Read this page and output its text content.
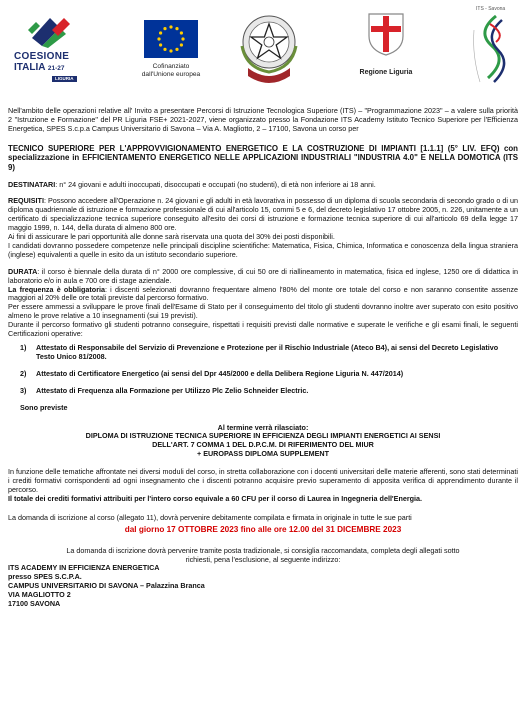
COESIONE
ITALIA 21-27
LIGURIA
Cofinanziato
dall'Unione europea	Regione Liguria
ITS - Savona

Nell'ambito delle operazioni relative all' Invito a presentare Percorsi di Istruzione Tecnologica Superiore (ITS) – "Programmazione 2023" – a valere sulla priorità 2 "Istruzione e Formazione" del PR Liguria FSE+ 2021-2027, viene organizzato presso la Fondazione ITS Academy Istituto Tecnico Superiore per l'Efficienza Energetica, SPES S.c.p.a Campus Universitario di Savona – Via A. Magliotto, 2 – 17100, Savona un corso per

TECNICO SUPERIORE PER L'APPROVVIGIONAMENTO ENERGETICO E LA COSTRUZIONE DI IMPIANTI [1.1.1] (5° LIV. EFQ) con specializzazione in EFFICIENTAMENTO ENERGETICO NELLE APPLICAZIONI INDUSTRIALI "INDUSTRIA 4.0" E NELLA DOMOTICA (ITS 9)

DESTINATARI: n° 24 giovani e adulti inoccupati, disoccupati e occupati (no studenti), di età non inferiore ai 18 anni.

REQUISITI: Possono accedere all'Operazione n. 24 giovani e gli adulti in età lavorativa in possesso di un diploma di scuola secondaria di secondo grado o di un diploma quadriennale di istruzione e formazione professionale di cui all'articolo 15, commi 5 e 6, del decreto legislativo 17 ottobre 2005, n. 226, unitamente a un certificato di specializzazione tecnica superiore conseguito all'esito dei corsi di istruzione e formazione tecnica superiore di cui all'articolo 69 della legge 17 maggio 1999, n. 144, della durata di almeno 800 ore.

Ai fini di assicurare le pari opportunità alle donne sarà riservata una quota del 30% dei posti disponibili.

I candidati dovranno possedere competenze nelle principali discipline scientifiche: Matematica, Fisica, Chimica, Informatica e conoscenza della lingua straniera (inglese) equivalenti a quelle in esito da un istituto secondario superiore.

DURATA: il corso è biennale della durata di n° 2000 ore complessive, di cui 50 ore di riallineamento in matematica, fisica ed inglese, 1250 ore di didattica in laboratorio e/o in aula e 700 ore di stage aziendale.

La frequenza è obbligatoria: i discenti selezionati dovranno frequentare almeno l'80% del monte ore totale del corso e non saranno consentite assenze maggiori al 20% delle ore totali previste dal percorso formativo.

Per essere ammessi a sviluppare le prove finali dell'Esame di Stato per il conseguimento del titolo gli studenti dovranno inoltre aver superato con esito positivo almeno le prove relative a 10 insegnamenti (sui 19 previsti).

Durante il percorso formativo gli studenti potranno conseguire, rispettati i requisiti previsti dalle normative e superate le verifiche e gli esami finali, le seguenti Certificazioni operative:

1)	Attestato di Responsabile del Servizio di Prevenzione e Protezione per il Rischio Industriale (Ateco B4), ai sensi del Decreto Legislativo Testo Unico 81/2008.
2)	Attestato di Certificatore Energetico (ai sensi del Dpr 445/2000 e della Delibera Regione Liguria N. 447/2014)
3)	Attestato di Frequenza alla Formazione per Utilizzo Plc Zelio Schneider Electric.

Sono previste

Al termine verrà rilasciato:

DIPLOMA DI ISTRUZIONE TECNICA SUPERIORE IN EFFICIENZA DEGLI IMPIANTI ENERGETICI AI SENSI

DELL'ART. 7 COMMA 1 DEL D.P.C.M. DI RIFERIMENTO DEL MIUR

+ EUROPASS DIPLOMA SUPPLEMENT

In funzione delle tematiche affrontate nei diversi moduli del corso, in stretta collaborazione con i docenti universitari delle materie afferenti, sono stati determinati i crediti formativi corrispondenti ad ogni insegnamento che i discenti potranno acquisire previo superamento di apposita verifica di apprendimento durante il percorso.

Il totale dei crediti formativi attribuiti per l'intero corso equivale a 60 CFU per il corso di Laurea in Ingegneria dell'Energia.

La domanda di iscrizione al corso (allegato 11), dovrà pervenire debitamente compilata e firmata in originale in tutte le sue parti

dal giorno 17 OTTOBRE 2023 fino alle ore 12.00 del 31 DICEMBRE 2023

La domanda di iscrizione dovrà pervenire tramite posta tradizionale, si consiglia raccomandata, completa degli allegati sotto

richiesti, pena l'esclusione, al seguente indirizzo:

ITS ACADEMY IN EFFICIENZA ENERGETICA
presso SPES S.C.P.A.
CAMPUS UNIVERSITARIO DI SAVONA – Palazzina Branca
VIA MAGLIOTTO 2
17100 SAVONA
